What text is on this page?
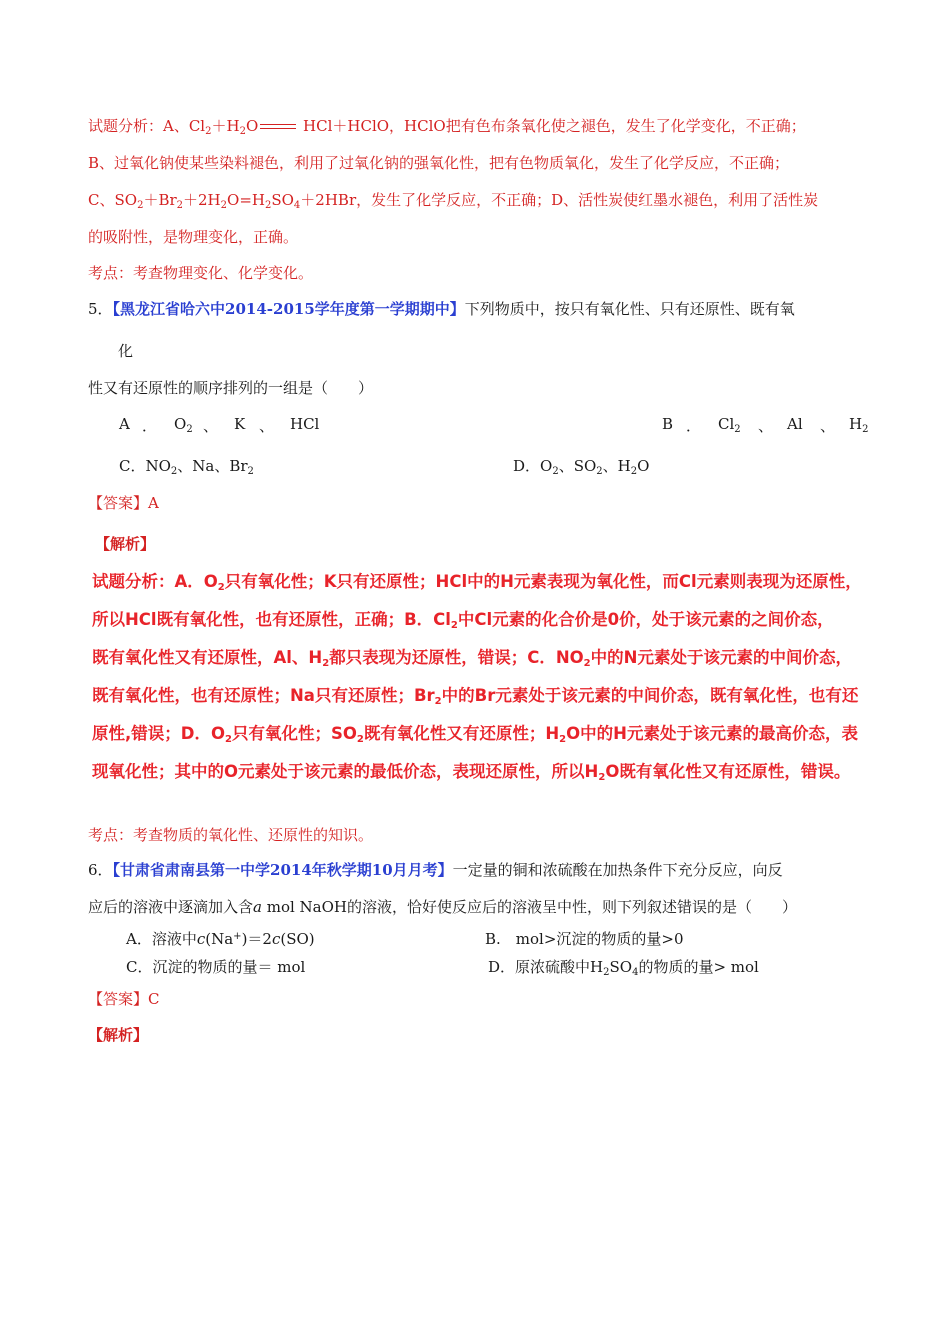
试题分析：A、$Cl_2+H_2O$	HCl＋HClO，HClO把有色布条氧化使之褪色，发生了化学变化，不正确；
B、过氧化钠使某些染料褪色，利用了过氧化钠的强氧化性，把有色物质氧化，发生了化学反应，不正确；
C、$SO_2+Br_2+2H_2O=H_2SO_4+2HBr$，发生了化学反应，不正确；D、活性炭使红墨水褪色，利用了活性炭
的吸附性，是物理变化，正确。
考点：考查物理变化、化学变化。
5．【黑龙江省哈六中2014-2015学年度第一学期期中】下列物质中，按只有氧化性、只有还原性、既有氧
化
性又有还原性的顺序排列的一组是（　　）
A ． $O_2$ 、 K 、 HCl	B ． $Cl_2$ 、 Al 、 $H_2$
C．$NO_2$、Na、$Br_2$	D．$O_2$、$SO_2$、$H_2O$
【答案】A
【解析】
试题分析：A．$O_2$只有氧化性；K只有还原性；HCl中的H元素表现为氧化性，而Cl元素则表现为还原性，
所以HCl既有氧化性，也有还原性，正确；B．$Cl_2$中Cl元素的化合价是0价，处于该元素的之间价态，
既有氧化性又有还原性，Al、$H_2$都只表现为还原性，错误；C．$NO_2$中的N元素处于该元素的中间价态，
既有氧化性，也有还原性；Na只有还原性；$Br_2$中的Br元素处于该元素的中间价态，既有氧化性，也有还
原性,错误；D．$O_2$只有氧化性；$SO_2$既有氧化性又有还原性；$H_2O$中的H元素处于该元素的最高价态，表
现氧化性；其中的O元素处于该元素的最低价态，表现还原性，所以$H_2O$既有氧化性又有还原性，错误。
考点：考查物质的氧化性、还原性的知识。
6．【甘肃省肃南县第一中学2014年秋学期10月月考】一定量的铜和浓硫酸在加热条件下充分反应，向反
应后的溶液中逐滴加入含a mol NaOH的溶液，恰好使反应后的溶液呈中性，则下列叙述错误的是（　　）
A．溶液中c(Na+)＝2c(SO)	B.　mol>沉淀的物质的量>0
C．沉淀的物质的量＝ mol	D．原浓硫酸中$H_2SO_4$的物质的量> mol
【答案】C
【解析】
